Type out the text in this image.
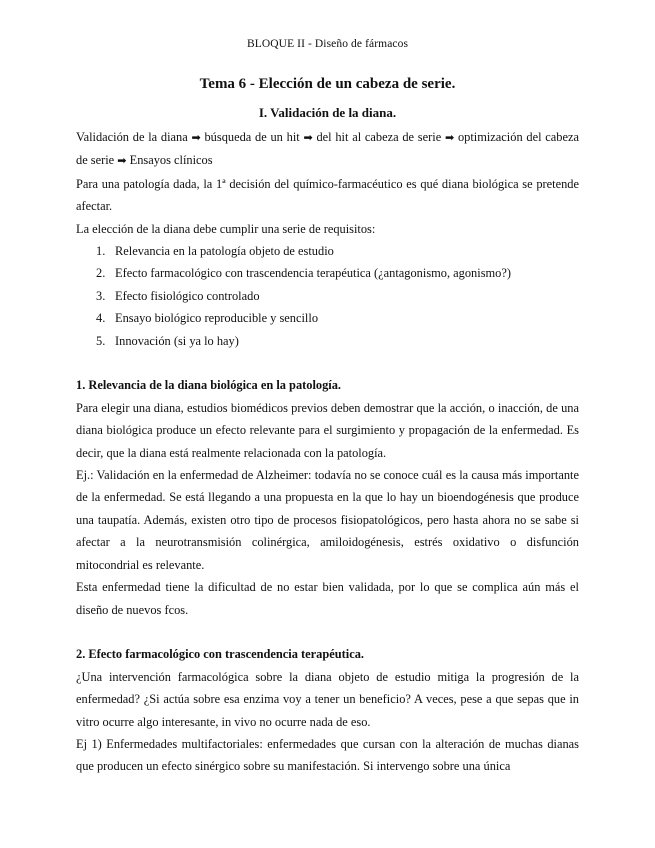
BLOQUE II - Diseño de fármacos
Tema 6 - Elección de un cabeza de serie.
I. Validación de la diana.

Validación de la diana ➡ búsqueda de un hit ➡ del hit al cabeza de serie ➡ optimización del cabeza de serie ➡ Ensayos clínicos

Para una patología dada, la 1ª decisión del químico-farmacéutico es qué diana biológica se pretende afectar.

La elección de la diana debe cumplir una serie de requisitos:

1. Relevancia en la patología objeto de estudio
2. Efecto farmacológico con trascendencia terapéutica (¿antagonismo, agonismo?)
3. Efecto fisiológico controlado
4. Ensayo biológico reproducible y sencillo
5. Innovación (si ya lo hay)

1. Relevancia de la diana biológica en la patología.

Para elegir una diana, estudios biomédicos previos deben demostrar que la acción, o inacción, de una diana biológica produce un efecto relevante para el surgimiento y propagación de la enfermedad. Es decir, que la diana está realmente relacionada con la patología.

Ej.: Validación en la enfermedad de Alzheimer: todavía no se conoce cuál es la causa más importante de la enfermedad. Se está llegando a una propuesta en la que lo hay un bioendogénesis que produce una taupatía. Además, existen otro tipo de procesos fisiopatológicos, pero hasta ahora no se sabe si afectar a la neurotransmisión colinérgica, amiloidogénesis, estrés oxidativo o disfunción mitocondrial es relevante.

Esta enfermedad tiene la dificultad de no estar bien validada, por lo que se complica aún más el diseño de nuevos fcos.

2. Efecto farmacológico con trascendencia terapéutica.

¿Una intervención farmacológica sobre la diana objeto de estudio mitiga la progresión de la enfermedad? ¿Si actúa sobre esa enzima voy a tener un beneficio? A veces, pese a que sepas que in vitro ocurre algo interesante, in vivo no ocurre nada de eso.

Ej 1) Enfermedades multifactoriales: enfermedades que cursan con la alteración de muchas dianas que producen un efecto sinérgico sobre su manifestación. Si intervengo sobre una única
